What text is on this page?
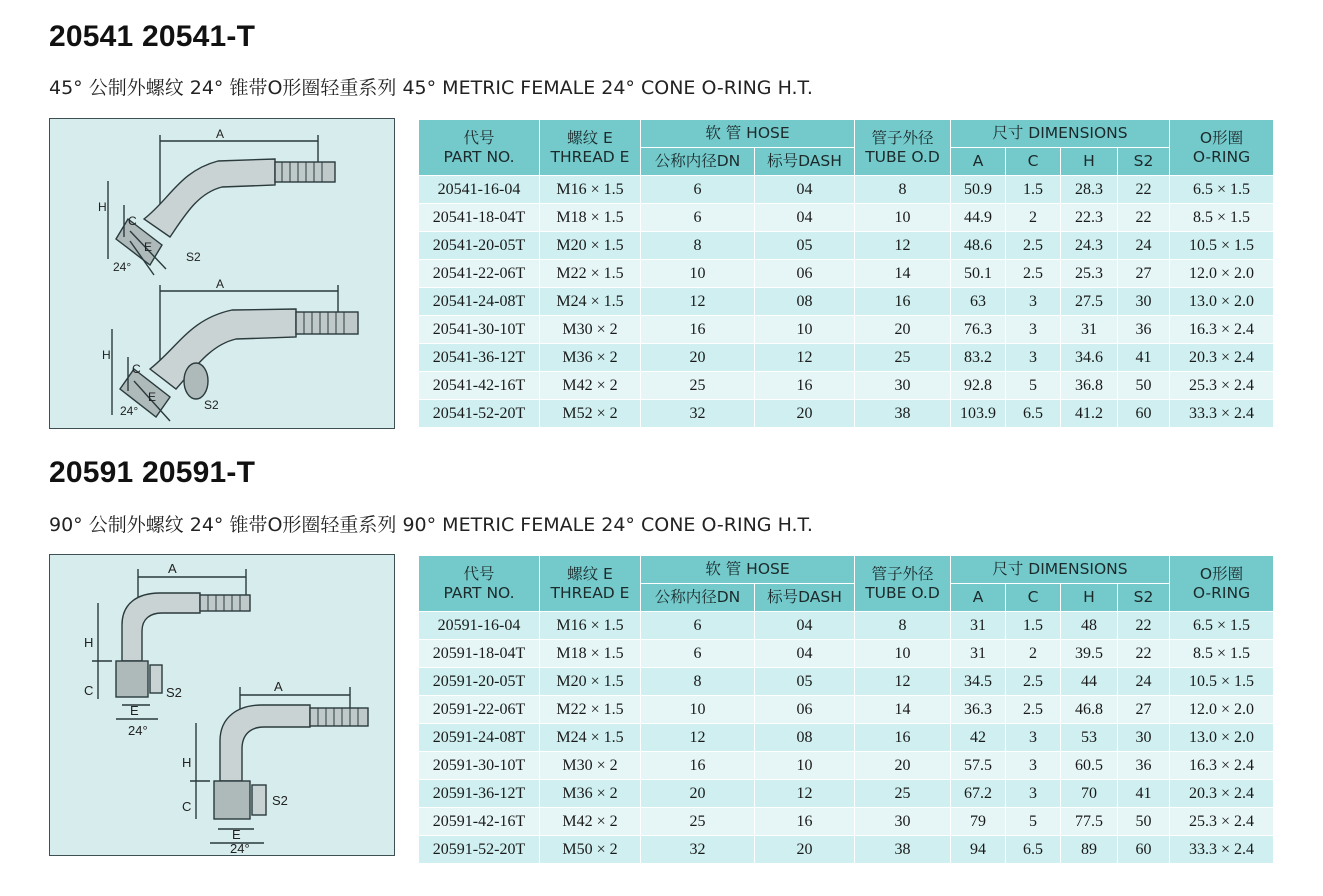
20541 20541-T
45° 公制外螺纹 24° 锥带O形圈轻重系列 45° METRIC FEMALE 24° CONE O-RING H.T.
A
H
C
E
24°
S2
A
H
C
E
24°	S2
代号
PART NO.	螺纹 E
THREAD E	软 管 HOSE		管子外径
TUBE O.D	尺寸 DIMENSIONS				O形圈
O-RING

		公称内径DN	标号DASH		A	C	H	S2	
20541-16-04	M16 × 1.5	6	04	8	50.9	1.5	28.3	22	6.5 × 1.5
20541-18-04T	M18 × 1.5	6	04	10	44.9	2	22.3	22	8.5 × 1.5
20541-20-05T	M20 × 1.5	8	05	12	48.6	2.5	24.3	24	10.5 × 1.5
20541-22-06T	M22 × 1.5	10	06	14	50.1	2.5	25.3	27	12.0 × 2.0
20541-24-08T	M24 × 1.5	12	08	16	63	3	27.5	30	13.0 × 2.0
20541-30-10T	M30 × 2	16	10	20	76.3	3	31	36	16.3 × 2.4
20541-36-12T	M36 × 2	20	12	25	83.2	3	34.6	41	20.3 × 2.4
20541-42-16T	M42 × 2	25	16	30	92.8	5	36.8	50	25.3 × 2.4
20541-52-20T	M52 × 2	32	20	38	103.9	6.5	41.2	60	33.3 × 2.4
20591 20591-T
90° 公制外螺纹 24° 锥带O形圈轻重系列 90° METRIC FEMALE 24° CONE O-RING H.T.
A
H
C
E
24°
S2	A
H
C
E
24°
S2
代号
PART NO.	螺纹 E
THREAD E	软 管 HOSE		管子外径
TUBE O.D	尺寸 DIMENSIONS				O形圈
O-RING

		公称内径DN	标号DASH		A	C	H	S2	
20591-16-04	M16 × 1.5	6	04	8	31	1.5	48	22	6.5 × 1.5
20591-18-04T	M18 × 1.5	6	04	10	31	2	39.5	22	8.5 × 1.5
20591-20-05T	M20 × 1.5	8	05	12	34.5	2.5	44	24	10.5 × 1.5
20591-22-06T	M22 × 1.5	10	06	14	36.3	2.5	46.8	27	12.0 × 2.0
20591-24-08T	M24 × 1.5	12	08	16	42	3	53	30	13.0 × 2.0
20591-30-10T	M30 × 2	16	10	20	57.5	3	60.5	36	16.3 × 2.4
20591-36-12T	M36 × 2	20	12	25	67.2	3	70	41	20.3 × 2.4
20591-42-16T	M42 × 2	25	16	30	79	5	77.5	50	25.3 × 2.4
20591-52-20T	M50 × 2	32	20	38	94	6.5	89	60	33.3 × 2.4
